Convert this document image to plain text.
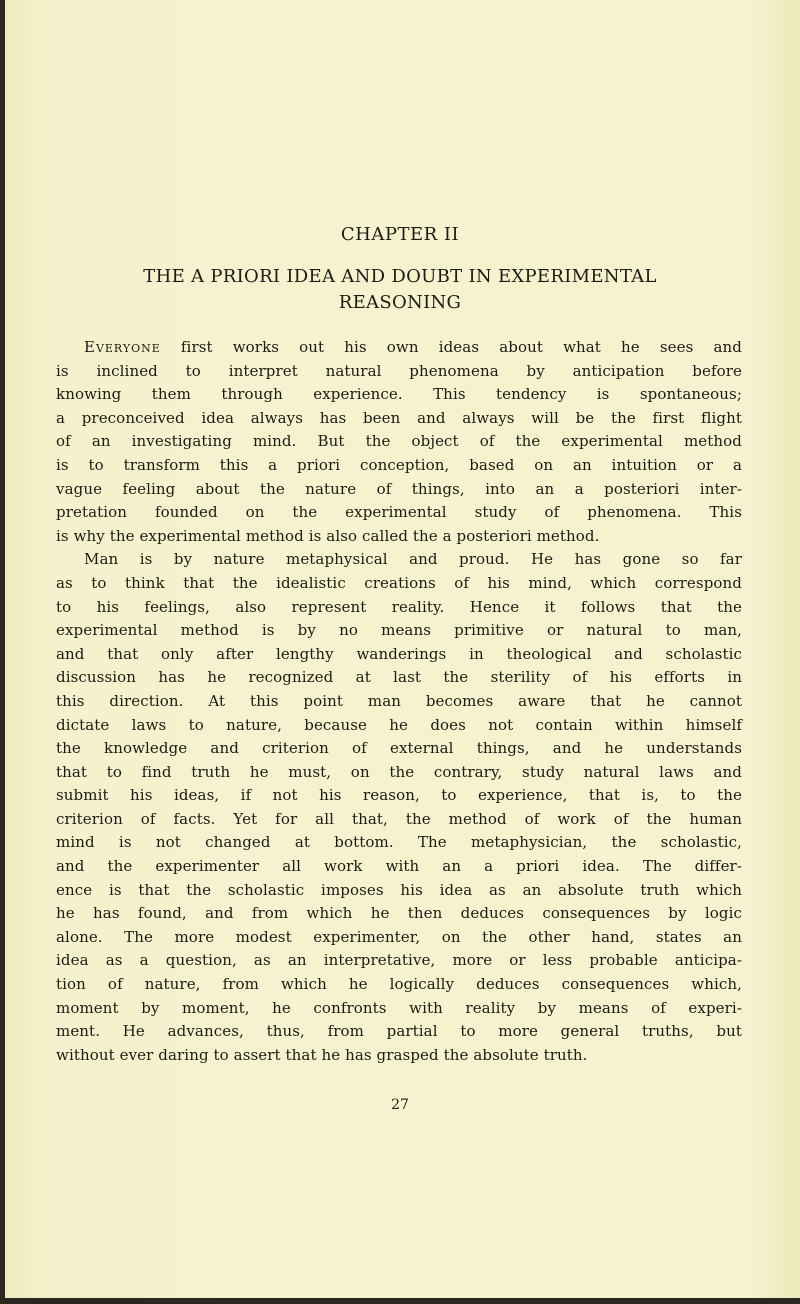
CHAPTER II
THE A PRIORI IDEA AND DOUBT IN EXPERIMENTAL
REASONING
Everyone first works out his own ideas about what he sees and
is inclined to interpret natural phenomena by anticipation before
knowing them through experience. This tendency is spontaneous;
a preconceived idea always has been and always will be the first flight
of an investigating mind. But the object of the experimental method
is to transform this a priori conception, based on an intuition or a
vague feeling about the nature of things, into an a posteriori inter-
pretation founded on the experimental study of phenomena. This
is why the experimental method is also called the a posteriori method.
Man is by nature metaphysical and proud. He has gone so far
as to think that the idealistic creations of his mind, which correspond
to his feelings, also represent reality. Hence it follows that the
experimental method is by no means primitive or natural to man,
and that only after lengthy wanderings in theological and scholastic
discussion has he recognized at last the sterility of his efforts in
this direction. At this point man becomes aware that he cannot
dictate laws to nature, because he does not contain within himself
the knowledge and criterion of external things, and he understands
that to find truth he must, on the contrary, study natural laws and
submit his ideas, if not his reason, to experience, that is, to the
criterion of facts. Yet for all that, the method of work of the human
mind is not changed at bottom. The metaphysician, the scholastic,
and the experimenter all work with an a priori idea. The differ-
ence is that the scholastic imposes his idea as an absolute truth which
he has found, and from which he then deduces consequences by logic
alone. The more modest experimenter, on the other hand, states an
idea as a question, as an interpretative, more or less probable anticipa-
tion of nature, from which he logically deduces consequences which,
moment by moment, he confronts with reality by means of experi-
ment. He advances, thus, from partial to more general truths, but
without ever daring to assert that he has grasped the absolute truth.
27
